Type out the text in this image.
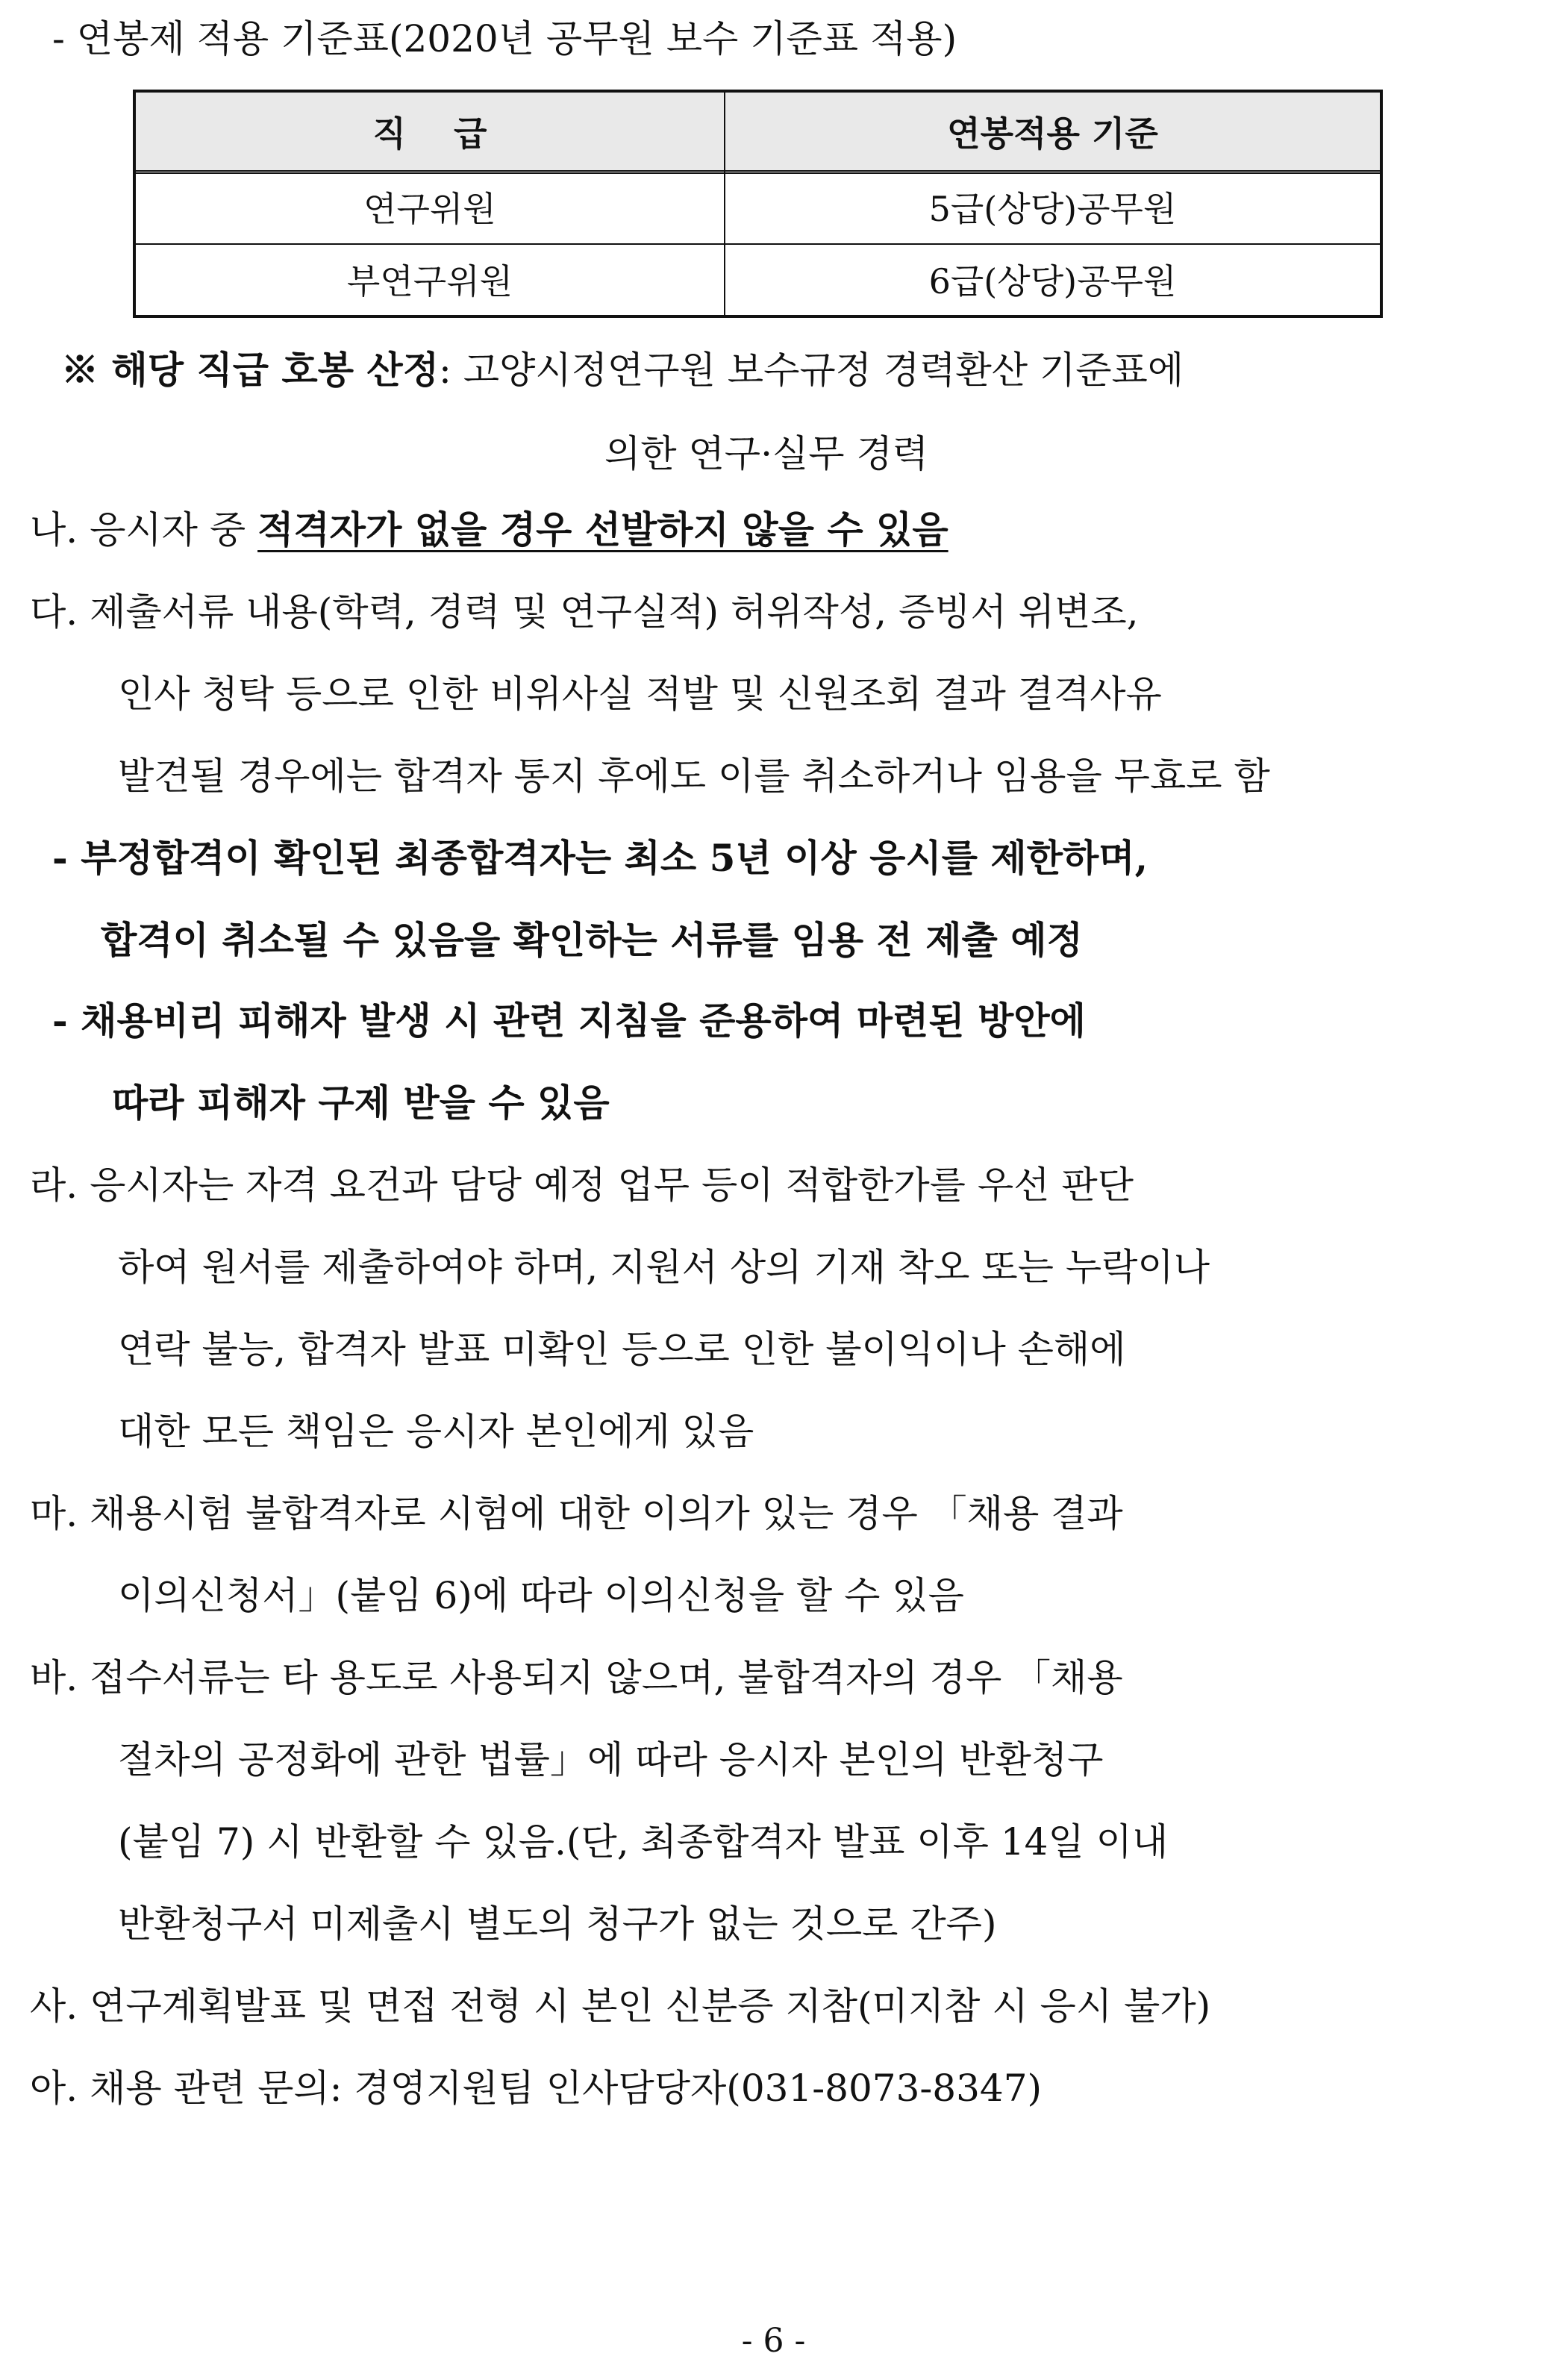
- 연봉제 적용 기준표(2020년 공무원 보수 기준표 적용)
직    급	연봉적용 기준
연구위원	5급(상당)공무원
부연구위원	6급(상당)공무원
※ 해당 직급 호봉 산정: 고양시정연구원 보수규정 경력환산 기준표에
의한 연구·실무 경력
나. 응시자 중 적격자가 없을 경우 선발하지 않을 수 있음
다. 제출서류 내용(학력, 경력 및 연구실적) 허위작성, 증빙서 위변조,
인사 청탁 등으로 인한 비위사실 적발 및 신원조회 결과 결격사유
발견될 경우에는 합격자 통지 후에도 이를 취소하거나 임용을 무효로 함
- 부정합격이 확인된 최종합격자는 최소 5년 이상 응시를 제한하며,
합격이 취소될 수 있음을 확인하는 서류를 임용 전 제출 예정
- 채용비리 피해자 발생 시 관련 지침을 준용하여 마련된 방안에
따라 피해자 구제 받을 수 있음
라. 응시자는 자격 요건과 담당 예정 업무 등이 적합한가를 우선 판단
하여 원서를 제출하여야 하며, 지원서 상의 기재 착오 또는 누락이나
연락 불능, 합격자 발표 미확인 등으로 인한 불이익이나 손해에
대한 모든 책임은 응시자 본인에게 있음
마. 채용시험 불합격자로 시험에 대한 이의가 있는 경우 「채용 결과
이의신청서」(붙임 6)에 따라 이의신청을 할 수 있음
바. 접수서류는 타 용도로 사용되지 않으며, 불합격자의 경우 「채용
절차의 공정화에 관한 법률」에 따라 응시자 본인의 반환청구
(붙임 7) 시 반환할 수 있음.(단, 최종합격자 발표 이후 14일 이내
반환청구서 미제출시 별도의 청구가 없는 것으로 간주)
사. 연구계획발표 및 면접 전형 시 본인 신분증 지참(미지참 시 응시 불가)
아. 채용 관련 문의: 경영지원팀 인사담당자(031-8073-8347)
- 6 -
